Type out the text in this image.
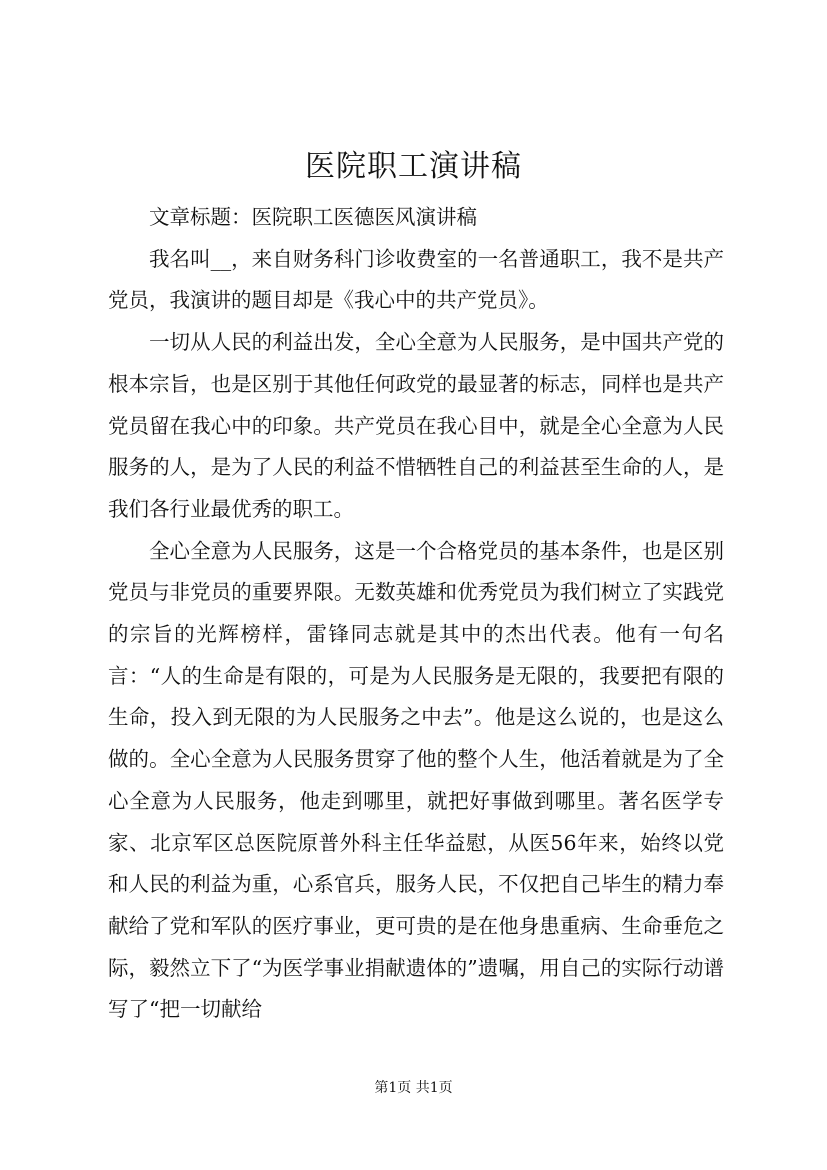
医院职工演讲稿

文章标题：医院职工医德医风演讲稿

我名叫__，来自财务科门诊收费室的一名普通职工，我不是共产党员，我演讲的题目却是《我心中的共产党员》。

一切从人民的利益出发，全心全意为人民服务，是中国共产党的根本宗旨，也是区别于其他任何政党的最显著的标志，同样也是共产党员留在我心中的印象。共产党员在我心目中，就是全心全意为人民服务的人，是为了人民的利益不惜牺牲自己的利益甚至生命的人，是我们各行业最优秀的职工。

全心全意为人民服务，这是一个合格党员的基本条件，也是区别党员与非党员的重要界限。无数英雄和优秀党员为我们树立了实践党的宗旨的光辉榜样，雷锋同志就是其中的杰出代表。他有一句名言：“人的生命是有限的，可是为人民服务是无限的，我要把有限的生命，投入到无限的为人民服务之中去”。他是这么说的，也是这么做的。全心全意为人民服务贯穿了他的整个人生，他活着就是为了全心全意为人民服务，他走到哪里，就把好事做到哪里。著名医学专家、北京军区总医院原普外科主任华益慰，从医56年来，始终以党和人民的利益为重，心系官兵，服务人民，不仅把自己毕生的精力奉献给了党和军队的医疗事业，更可贵的是在他身患重病、生命垂危之际，毅然立下了“为医学事业捐献遗体的”遗嘱，用自己的实际行动谱写了“把一切献给

第1页 共1页
